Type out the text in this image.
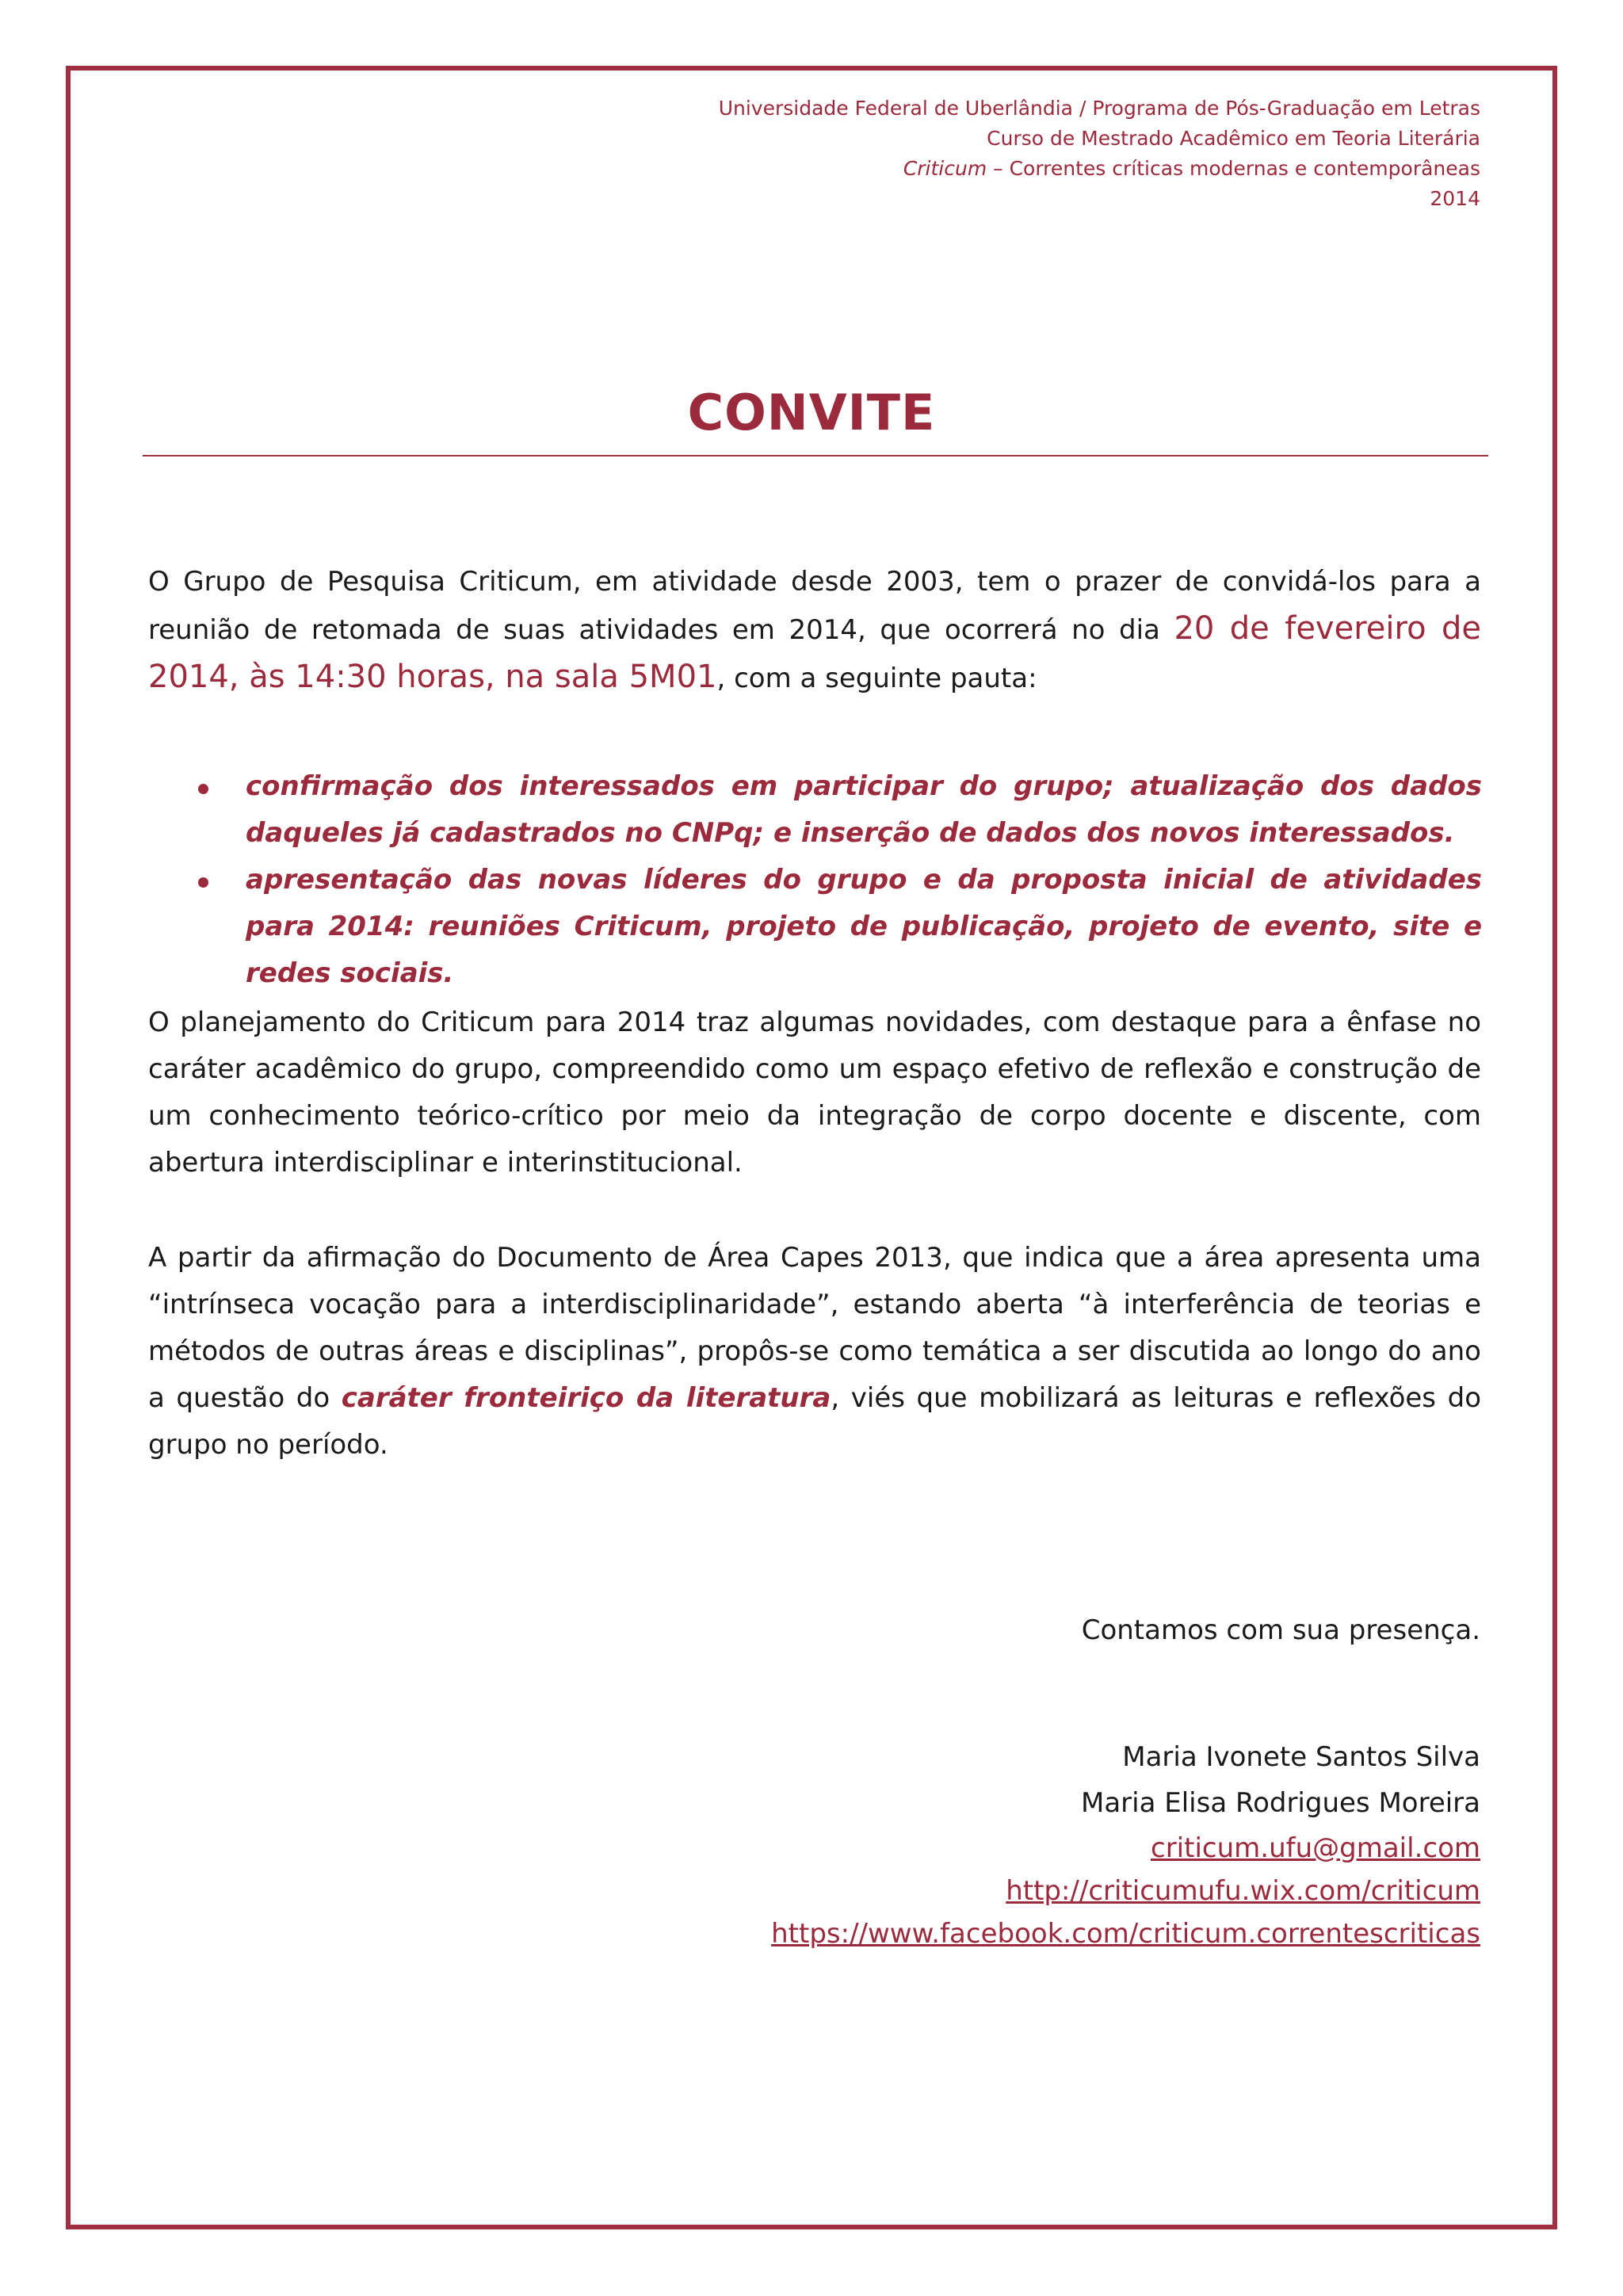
Universidade Federal de Uberlândia / Programa de Pós-Graduação em Letras
Curso de Mestrado Acadêmico em Teoria Literária
Criticum – Correntes críticas modernas e contemporâneas
2014
CONVITE
O Grupo de Pesquisa Criticum, em atividade desde 2003, tem o prazer de convidá-los para a reunião de retomada de suas atividades em 2014, que ocorrerá no dia 20 de fevereiro de 2014, às 14:30 horas, na sala 5M01, com a seguinte pauta:
confirmação dos interessados em participar do grupo; atualização dos dados daqueles já cadastrados no CNPq; e inserção de dados dos novos interessados.
apresentação das novas líderes do grupo e da proposta inicial de atividades para 2014: reuniões Criticum, projeto de publicação, projeto de evento, site e redes sociais.
O planejamento do Criticum para 2014 traz algumas novidades, com destaque para a ênfase no caráter acadêmico do grupo, compreendido como um espaço efetivo de reflexão e construção de um conhecimento teórico-crítico por meio da integração de corpo docente e discente, com abertura interdisciplinar e interinstitucional.
A partir da afirmação do Documento de Área Capes 2013, que indica que a área apresenta uma “intrínseca vocação para a interdisciplinaridade”, estando aberta “à interferência de teorias e métodos de outras áreas e disciplinas”, propôs-se como temática a ser discutida ao longo do ano a questão do caráter fronteiriço da literatura, viés que mobilizará as leituras e reflexões do grupo no período.
Contamos com sua presença.
Maria Ivonete Santos Silva
Maria Elisa Rodrigues Moreira
criticum.ufu@gmail.com
http://criticumufu.wix.com/criticum
https://www.facebook.com/criticum.correntescriticas
